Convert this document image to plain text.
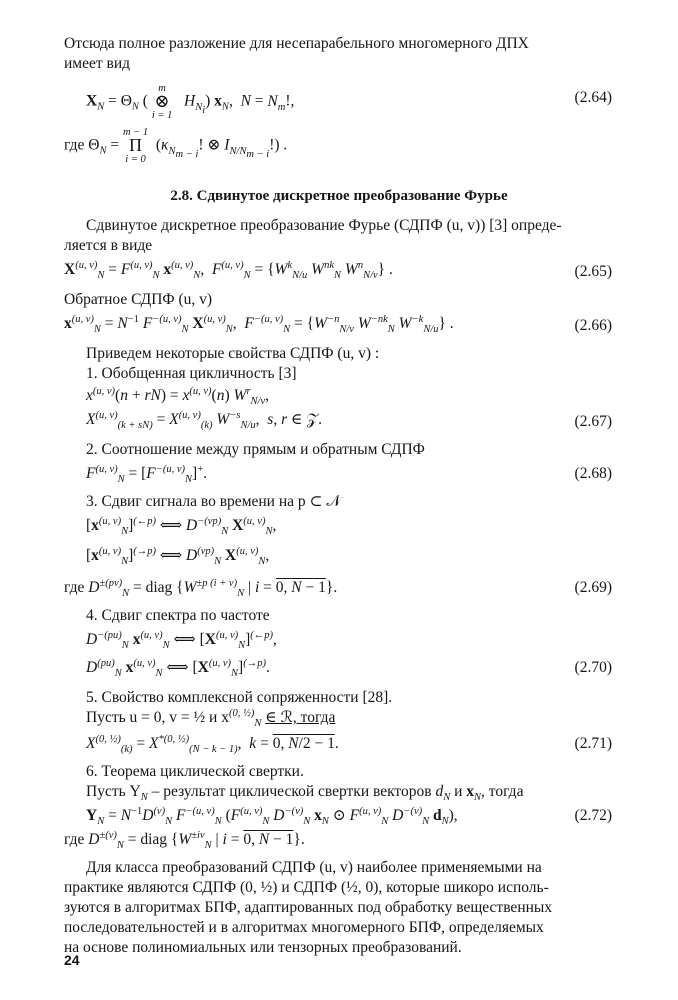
Отсюда полное разложение для несепарабельного многомерного ДПХ
имеет вид
$X_N = \Theta_N$ (
m
⊗
i = 1
$H_{N_i}$) $x_N$,  $N = N_m$!,	(2.64)
где $\Theta_N$ =
m − 1
Π
i = 0
($\kappa_{N_{m - i}}$! ⊗ $I_{N/N_{m - i}}$!) .
2.8. Сдвинутое дискретное преобразование Фурье
Сдвинутое дискретное преобразование Фурье (СДПФ (u, v)) [3] опреде-
ляется в виде
X$^{(u, v)}_N$ = F$^{(u, v)}_N$ $x^{(u, v)}_N$,  $F^{(u, v)}_N = \{W^k_{N/u}$ $W^{nk}_N$ $W^n_{N/v}$} .	(2.65)
Обратное СДПФ (u, v)
$x^{(u, v)}_N = N^{-1}$ $F^{-(u, v)}_N$ X$^{(u, v)}_N$,  $F^{-(u, v)}_N = \{W^{-n}_{N/v}$ $W^{-nk}_N$ $W^{-k}_{N/u}$} .	(2.66)
Приведем некоторые свойства СДПФ (u, v) :
1. Обобщенная цикличность [3]
$x^{(u, v)}(n + rN) = x^{(u, v)}(n)$ $W^r_{N/v}$,
X$^{(u, v)}_{(k + sN)}$ = X$^{(u, v)}_{(k)}$ $W^{-s}_{N/u}$,  s, r ∈ 𝒵.	(2.67)
2. Соотношение между прямым и обратным СДПФ
$F^{(u, v)}_N = [F^{-(u, v)}_N]^+$.	(2.68)
3. Сдвиг сигнала во времени на p ⊂ 𝒩
$[x^{(u, v)}_N]^{(\leftarrow p)}$ ⟺ $D^{-(vp)}_N$ X$^{(u, v)}_N$,
$[x^{(u, v)}_N]^{(\to p)}$ ⟺ $D^{(vp)}_N$ X$^{(u, v)}_N$,
где $D^{\pm(pv)}_N$ = diag {$W^{\pm p (i + v)}_N$ | i = 0, N − 1}.	(2.69)
4. Сдвиг спектра по частоте
$D^{-(pu)}_N$ $x^{(u, v)}_N$ ⟺ $[X^{(u, v)}_N]^{(\leftarrow p)}$,
$D^{(pu)}_N$ $x^{(u, v)}_N$ ⟺ $[X^{(u, v)}_N]^{(\to p)}$.	(2.70)
5. Свойство комплексной сопряженности [28].
Пусть u = 0, v = ½ и $x^{(0, \frac{1}{2})}_N$ ∈ ℛ, тогда
$X^{(0, \frac{1}{2})}_{(k)} = X^{*(0, \frac{1}{2})}_{(N - k - 1)}$,  k = 0, N/2 − 1.	(2.71)
6. Теорема циклической свертки.
Пусть $Y_N$ – результат циклической свертки векторов $d_N$ и $x_N$, тогда
$Y_N = N^{-1}D^{(v)}_N$ $F^{-(u, v)}_N$ ($F^{(u, v)}_N$ $D^{-(v)}_N$ $x_N$ ⊙ F$^{(u, v)}_N$ $D^{-(v)}_N$ $d_N$),	(2.72)
где $D^{\pm(v)}_N$ = diag {$W^{\pm iv}_N$ | i = 0, N − 1}.
Для класса преобразований СДПФ (u, v) наиболее применяемыми на
практике являются СДПФ (0, ½) и СДПФ (½, 0), которые шикоро исполь-
зуются в алгоритмах БПФ, адаптированных под обработку вещественных
последовательностей и в алгоритмах многомерного БПФ, определяемых
на основе полиномиальных или тензорных преобразований.
24
